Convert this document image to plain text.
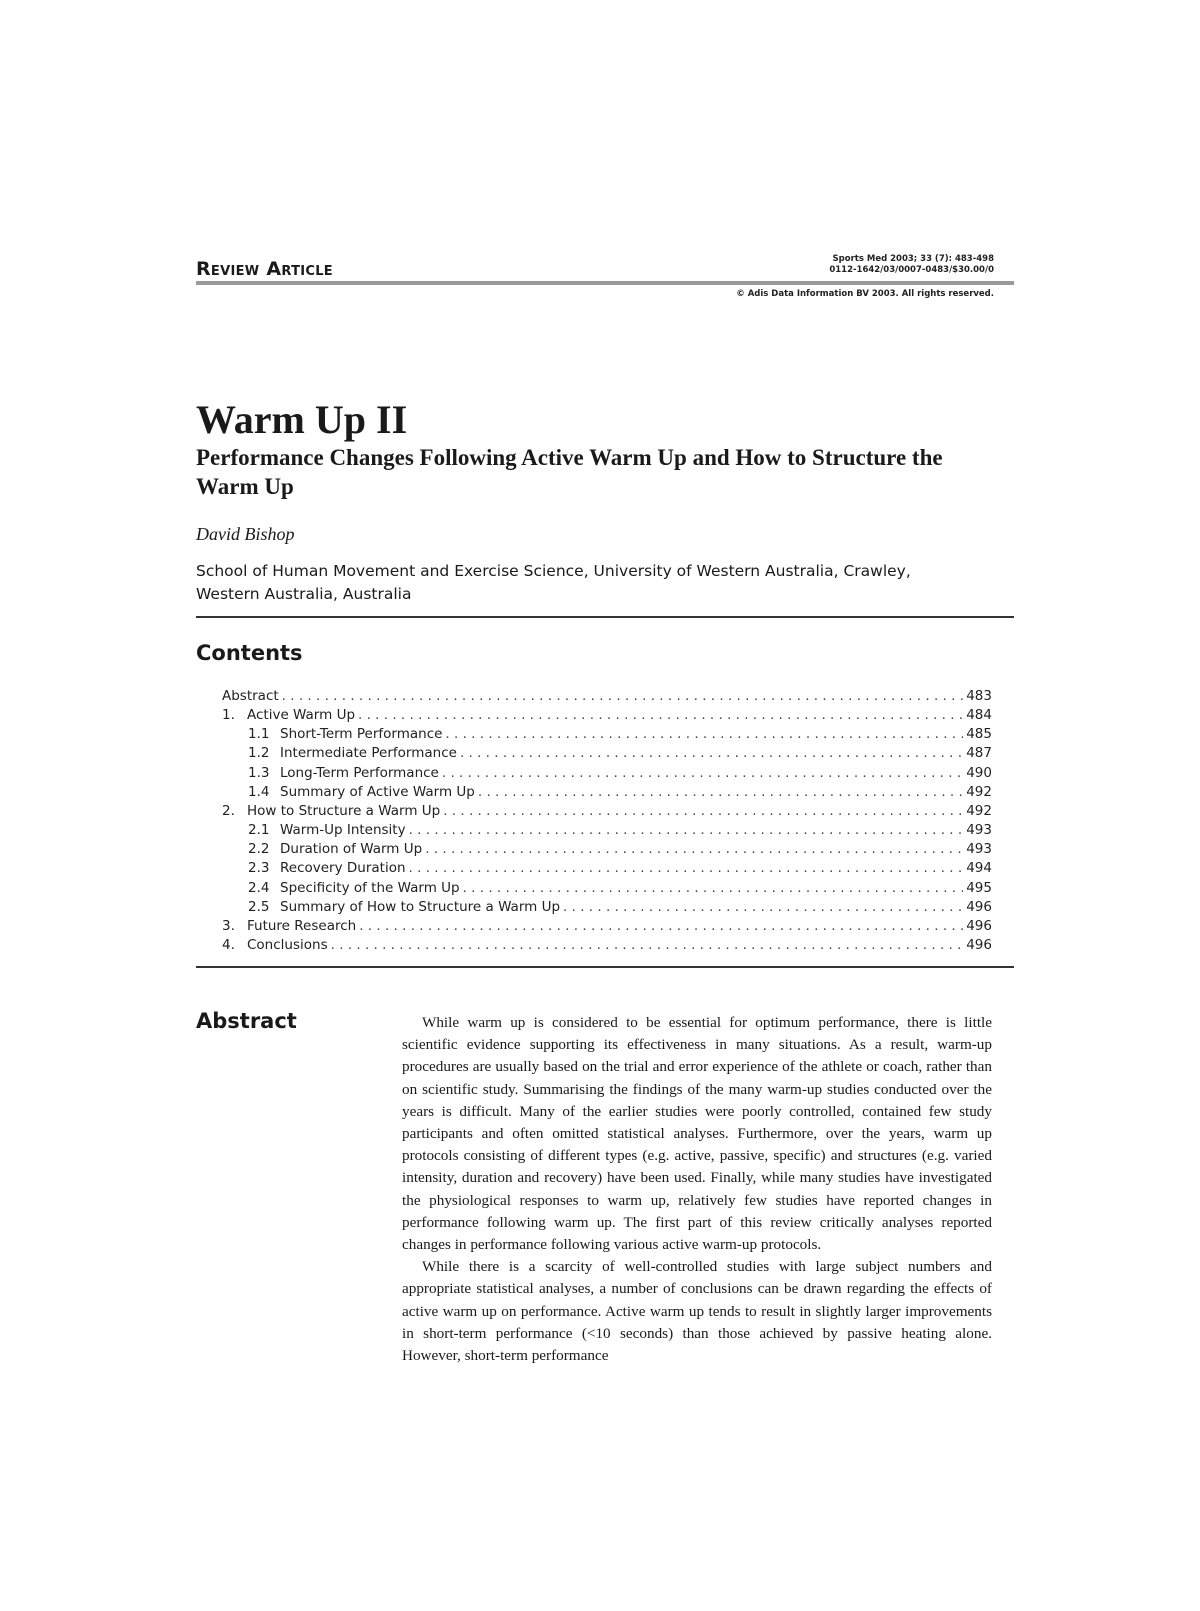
Review Article	Sports Med 2003; 33 (7): 483-498
0112-1642/03/0007-0483/$30.00/0
© Adis Data Information BV 2003. All rights reserved.
Warm Up II
Performance Changes Following Active Warm Up and How to Structure the Warm Up
David Bishop
School of Human Movement and Exercise Science, University of Western Australia, Crawley, Western Australia, Australia
Contents
Abstract . . .	483
1. Active Warm Up . . .	484
1.1 Short-Term Performance . . .	485
1.2 Intermediate Performance . . .	487
1.3 Long-Term Performance . . .	490
1.4 Summary of Active Warm Up . . .	492
2. How to Structure a Warm Up . . .	492
2.1 Warm-Up Intensity . . .	493
2.2 Duration of Warm Up . . .	493
2.3 Recovery Duration . . .	494
2.4 Specificity of the Warm Up . . .	495
2.5 Summary of How to Structure a Warm Up . . .	496
3. Future Research . . .	496
4. Conclusions . . .	496
Abstract	While warm up is considered to be essential for optimum performance, there is little scientific evidence supporting its effectiveness in many situations. As a result, warm-up procedures are usually based on the trial and error experience of the athlete or coach, rather than on scientific study. Summarising the findings of the many warm-up studies conducted over the years is difficult. Many of the earlier studies were poorly controlled, contained few study participants and often omitted statistical analyses. Furthermore, over the years, warm up protocols consisting of different types (e.g. active, passive, specific) and structures (e.g. varied intensity, duration and recovery) have been used. Finally, while many studies have investigated the physiological responses to warm up, relatively few studies have reported changes in performance following warm up. The first part of this review critically analyses reported changes in performance following various active warm-up protocols.

While there is a scarcity of well-controlled studies with large subject numbers and appropriate statistical analyses, a number of conclusions can be drawn regarding the effects of active warm up on performance. Active warm up tends to result in slightly larger improvements in short-term performance (<10 seconds) than those achieved by passive heating alone. However, short-term performance
